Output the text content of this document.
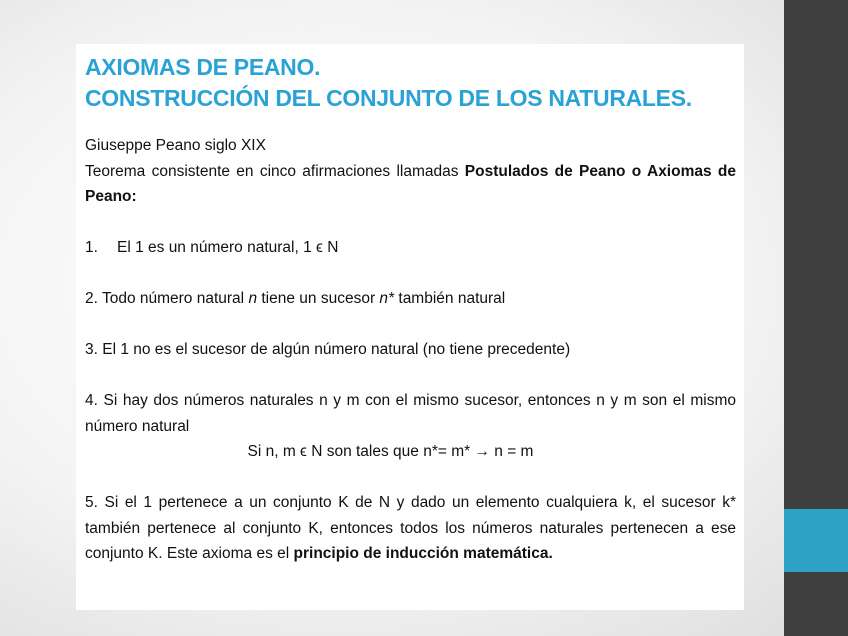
AXIOMAS DE PEANO.
CONSTRUCCIÓN DEL CONJUNTO DE LOS NATURALES.

Giuseppe Peano siglo XIX

Teorema consistente en cinco afirmaciones llamadas Postulados de Peano o Axiomas de Peano:

1. El 1 es un número natural, 1 ϵ N

2. Todo número natural n tiene un sucesor n* también natural

3. El 1 no es el sucesor de algún número natural (no tiene precedente)

4. Si hay dos números naturales n y m con el mismo sucesor, entonces n y m son el mismo número natural

Si n, m ϵ N son tales que n*= m* → n = m

5. Si el 1 pertenece a un conjunto K de N y dado un elemento cualquiera k, el sucesor k* también pertenece al conjunto K, entonces todos los números naturales pertenecen a ese conjunto K. Este axioma es el principio de inducción matemática.
